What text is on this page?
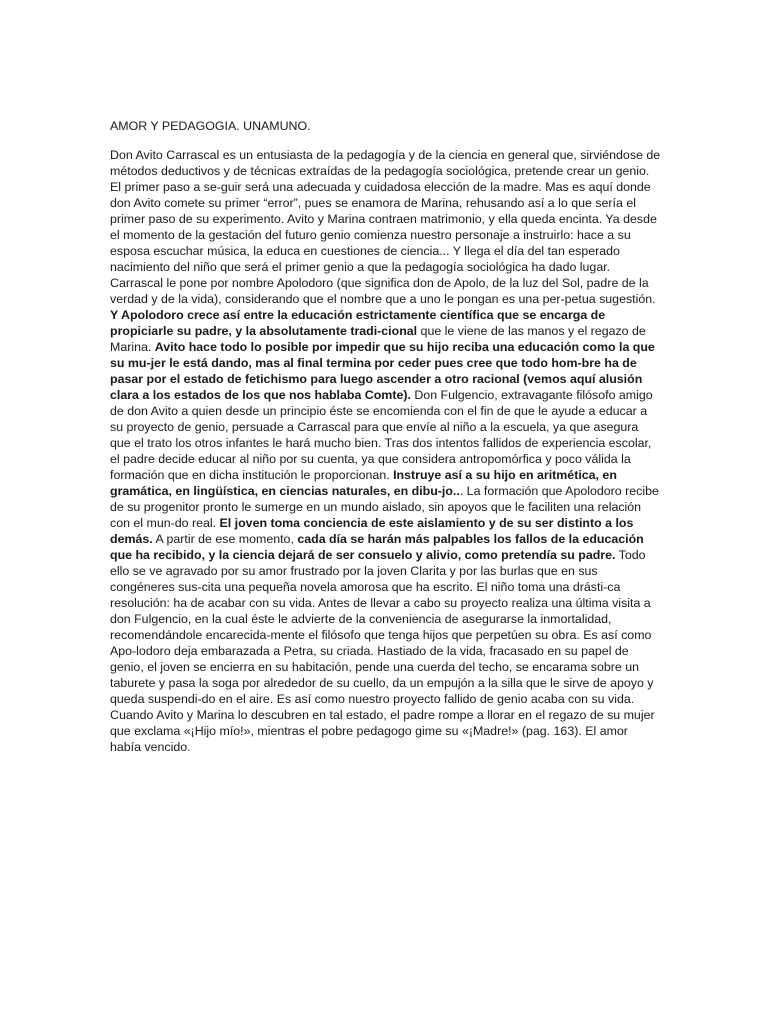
AMOR Y PEDAGOGIA. UNAMUNO.

Don Avito Carrascal es un entusiasta de la pedagogía y de la ciencia en general que, sirviéndose de métodos deductivos y de técnicas extraídas de la pedagogía sociológica, pretende crear un genio. El primer paso a se-guir será una adecuada y cuidadosa elección de la madre. Mas es aquí donde don Avito comete su primer “error”, pues se enamora de Marina, rehusando así a lo que sería el primer paso de su experimento. Avito y Marina contraen matrimonio, y ella queda encinta. Ya desde el momento de la gestación del futuro genio comienza nuestro personaje a instruirlo: hace a su esposa escuchar música, la educa en cuestiones de ciencia... Y llega el día del tan esperado nacimiento del niño que será el primer genio a que la pedagogía sociológica ha dado lugar. Carrascal le pone por nombre Apolodoro (que significa don de Apolo, de la luz del Sol, padre de la verdad y de la vida), considerando que el nombre que a uno le pongan es una per-petua sugestión. Y Apolodoro crece así entre la educación estrictamente científica que se encarga de propiciarle su padre, y la absolutamente tradi-cional que le viene de las manos y el regazo de Marina. Avito hace todo lo posible por impedir que su hijo reciba una educación como la que su mu-jer le está dando, mas al final termina por ceder pues cree que todo hom-bre ha de pasar por el estado de fetichismo para luego ascender a otro racional (vemos aquí alusión clara a los estados de los que nos hablaba Comte). Don Fulgencio, extravagante filósofo amigo de don Avito a quien desde un principio éste se encomienda con el fin de que le ayude a educar a su proyecto de genio, persuade a Carrascal para que envíe al niño a la escuela, ya que asegura que el trato los otros infantes le hará mucho bien. Tras dos intentos fallidos de experiencia escolar, el padre decide educar al niño por su cuenta, ya que considera antropomórfica y poco válida la formación que en dicha institución le proporcionan. Instruye así a su hijo en aritmética, en gramática, en lingüística, en ciencias naturales, en dibu-jo... La formación que Apolodoro recibe de su progenitor pronto le sumerge en un mundo aislado, sin apoyos que le faciliten una relación con el mun-do real. El joven toma conciencia de este aislamiento y de su ser distinto a los demás. A partir de ese momento, cada día se harán más palpables los fallos de la educación que ha recibido, y la ciencia dejará de ser consuelo y alivio, como pretendía su padre. Todo ello se ve agravado por su amor frustrado por la joven Clarita y por las burlas que en sus congéneres sus-cita una pequeña novela amorosa que ha escrito. El niño toma una drásti-ca resolución: ha de acabar con su vida. Antes de llevar a cabo su proyecto realiza una última visita a don Fulgencio, en la cual éste le advierte de la conveniencia de asegurarse la inmortalidad, recomendándole encarecida-mente el filósofo que tenga hijos que perpetúen su obra. Es así como Apo-lodoro deja embarazada a Petra, su criada. Hastiado de la vida, fracasado en su papel de genio, el joven se encierra en su habitación, pende una cuerda del techo, se encarama sobre un taburete y pasa la soga por alrededor de su cuello, da un empujón a la silla que le sirve de apoyo y queda suspendi-do en el aire. Es así como nuestro proyecto fallido de genio acaba con su vida. Cuando Avito y Marina lo descubren en tal estado, el padre rompe a llorar en el regazo de su mujer que exclama «¡Hijo mío!», mientras el pobre pedagogo gime su «¡Madre!» (pag. 163). El amor había vencido.
